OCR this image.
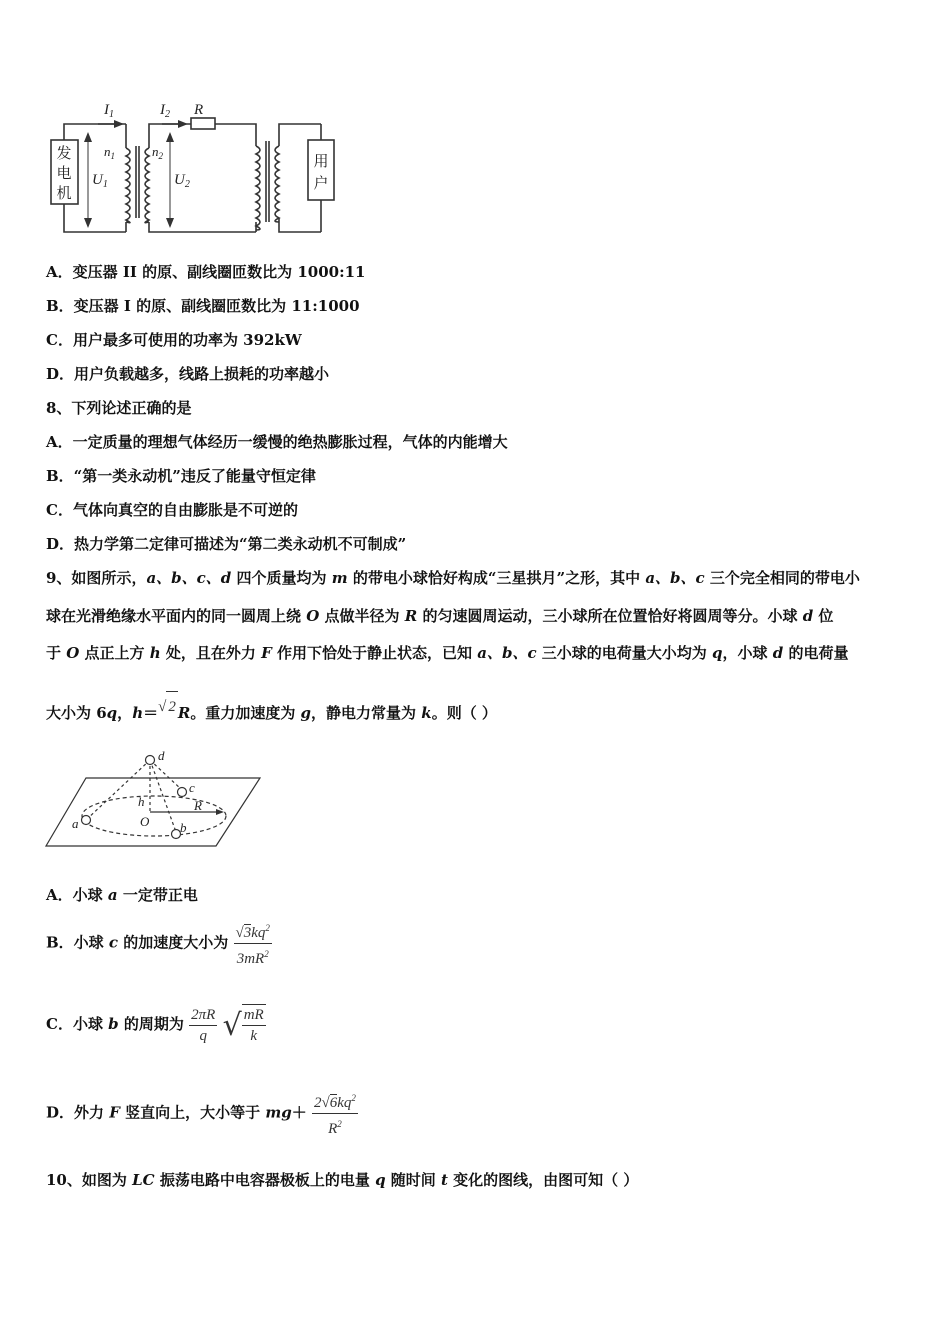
$I_1$	$I_2$ R
$n_1$	$n_2$
$U_1$	$U_2$
发
电
机
用
户
A．变压器 II 的原、副线圈匝数比为 1000:11
B．变压器 I 的原、副线圈匝数比为 11:1000
C．用户最多可使用的功率为 392kW
D．用户负载越多，线路上损耗的功率越小
8、下列论述正确的是
A．一定质量的理想气体经历一缓慢的绝热膨胀过程，气体的内能增大
B．“第一类永动机”违反了能量守恒定律
C．气体向真空的自由膨胀是不可逆的
D．热力学第二定律可描述为“第二类永动机不可制成”
9、如图所示，a、b、c、d 四个质量均为 m 的带电小球恰好构成“三星拱月”之形，其中 a、b、c 三个完全相同的带电小
球在光滑绝缘水平面内的同一圆周上绕 O 点做半径为 R 的匀速圆周运动，三小球所在位置恰好将圆周等分。小球 d 位
于 O 点正上方 h 处，且在外力 F 作用下恰处于静止状态，已知 a、b、c 三小球的电荷量大小均为 q，小球 d 的电荷量
大小为 6q，h＝√ 2 R。重力加速度为 g，静电力常量为 k。则（ ）
d
c
h	R
O
a	b
A．小球 a 一定带正电
B．小球 c 的加速度大小为 $\frac{√3kq^2}{3mR^2}$
C．小球 b 的周期为 $\frac{2\pi R}{q}$ √ $\frac{mR}{k}$
D．外力 F 竖直向上，大小等于 $mg+ \frac{2√6kq^2}{R^2}$
10、如图为 LC 振荡电路中电容器极板上的电量 q 随时间 t 变化的图线，由图可知（ ）
